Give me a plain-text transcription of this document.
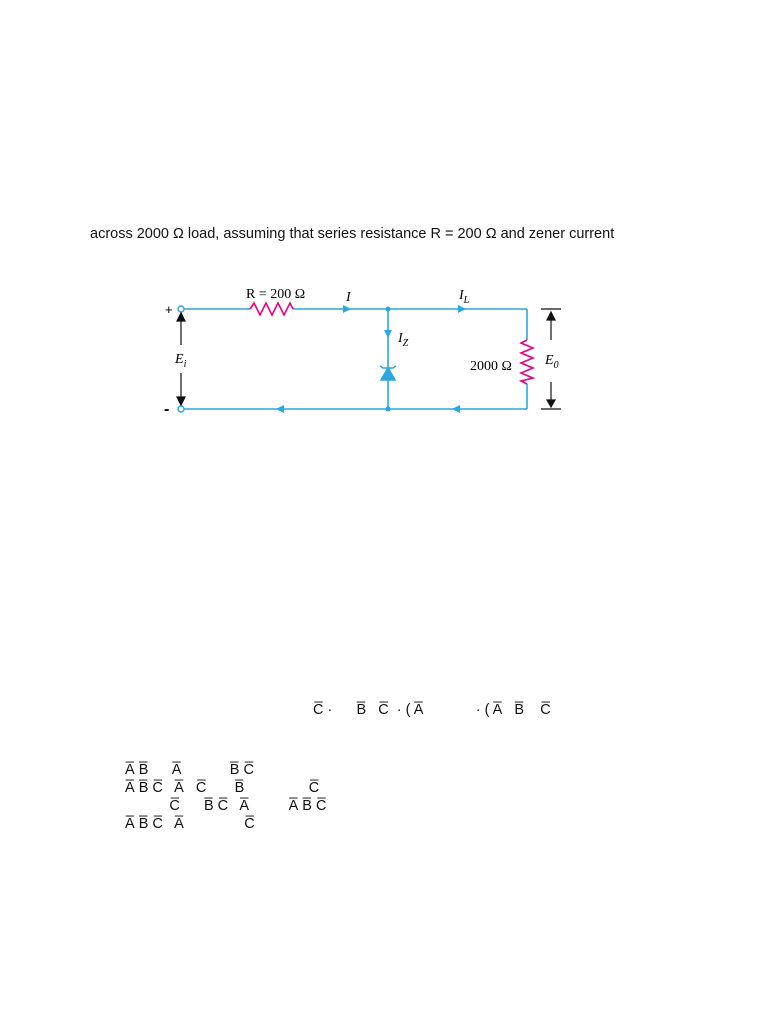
across 2000 Ω load, assuming that series resistance R = 200 Ω and zener current
R = 200 Ω	I	$I_L$
$I_Z$
2000 Ω $E_0$
$E_i$
+
-
C̅ ·      B̅   C̅  · ( A̅             · ( A̅   B̅    C̅
A̅ B̅      A̅            B̅ C̅
A̅ B̅ C̅   A̅   C̅       B̅                C̅
C̅      B̅ C̅   A̅          A̅ B̅ C̅
A̅ B̅ C̅   A̅               C̅
